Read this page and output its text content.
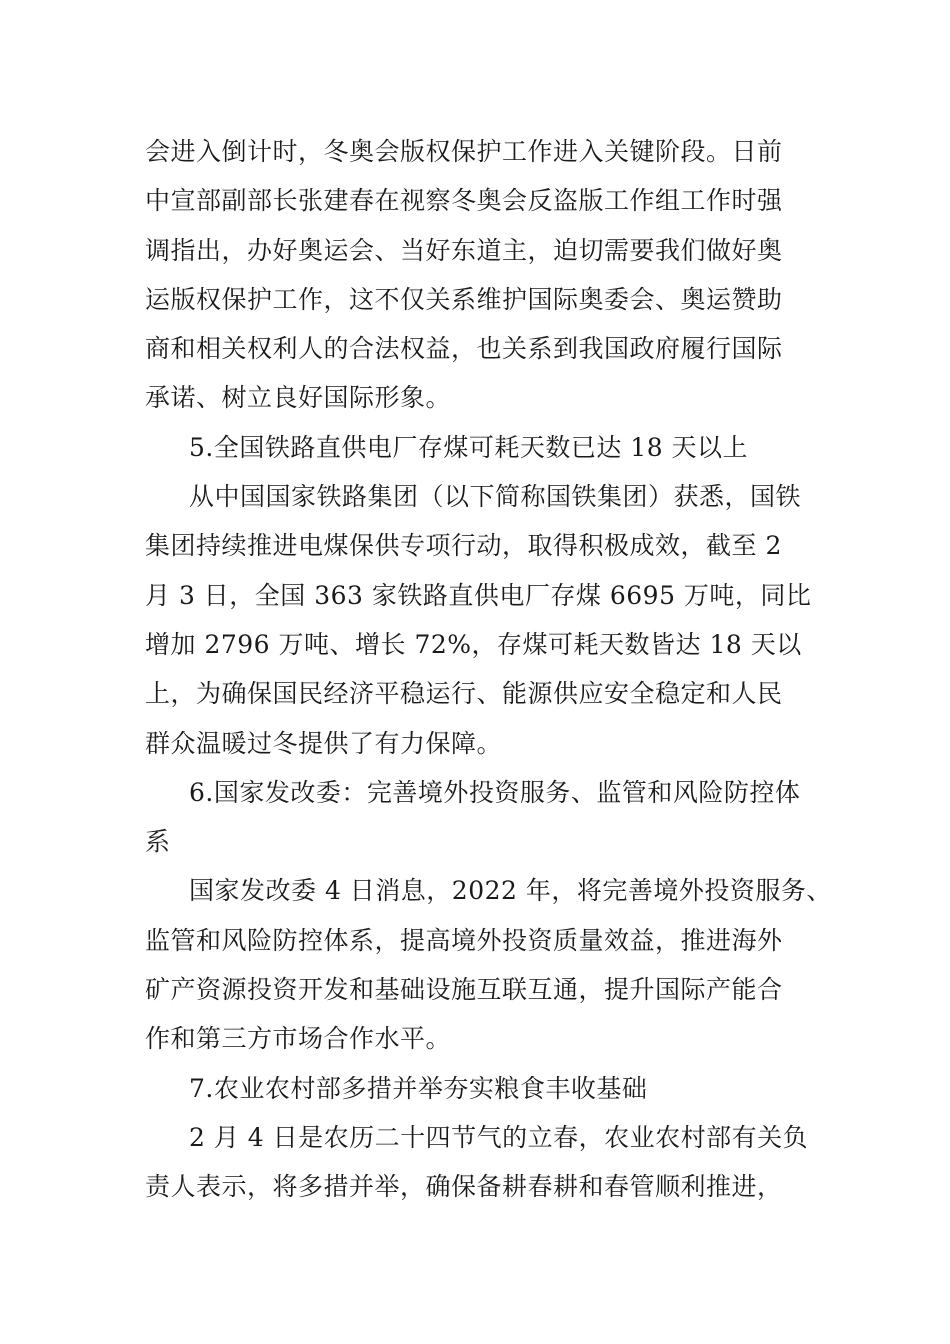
会进入倒计时，冬奥会版权保护工作进入关键阶段。日前
中宣部副部长张建春在视察冬奥会反盗版工作组工作时强
调指出，办好奥运会、当好东道主，迫切需要我们做好奥
运版权保护工作，这不仅关系维护国际奥委会、奥运赞助
商和相关权利人的合法权益，也关系到我国政府履行国际
承诺、树立良好国际形象。
5.全国铁路直供电厂存煤可耗天数已达 18 天以上
从中国国家铁路集团（以下简称国铁集团）获悉，国铁
集团持续推进电煤保供专项行动，取得积极成效，截至 2
月 3 日，全国 363 家铁路直供电厂存煤 6695 万吨，同比
增加 2796 万吨、增长 72%，存煤可耗天数皆达 18 天以
上，为确保国民经济平稳运行、能源供应安全稳定和人民
群众温暖过冬提供了有力保障。
6.国家发改委：完善境外投资服务、监管和风险防控体
系
国家发改委 4 日消息，2022 年，将完善境外投资服务、
监管和风险防控体系，提高境外投资质量效益，推进海外
矿产资源投资开发和基础设施互联互通，提升国际产能合
作和第三方市场合作水平。
7.农业农村部多措并举夯实粮食丰收基础
2 月 4 日是农历二十四节气的立春，农业农村部有关负
责人表示，将多措并举，确保备耕春耕和春管顺利推进，
